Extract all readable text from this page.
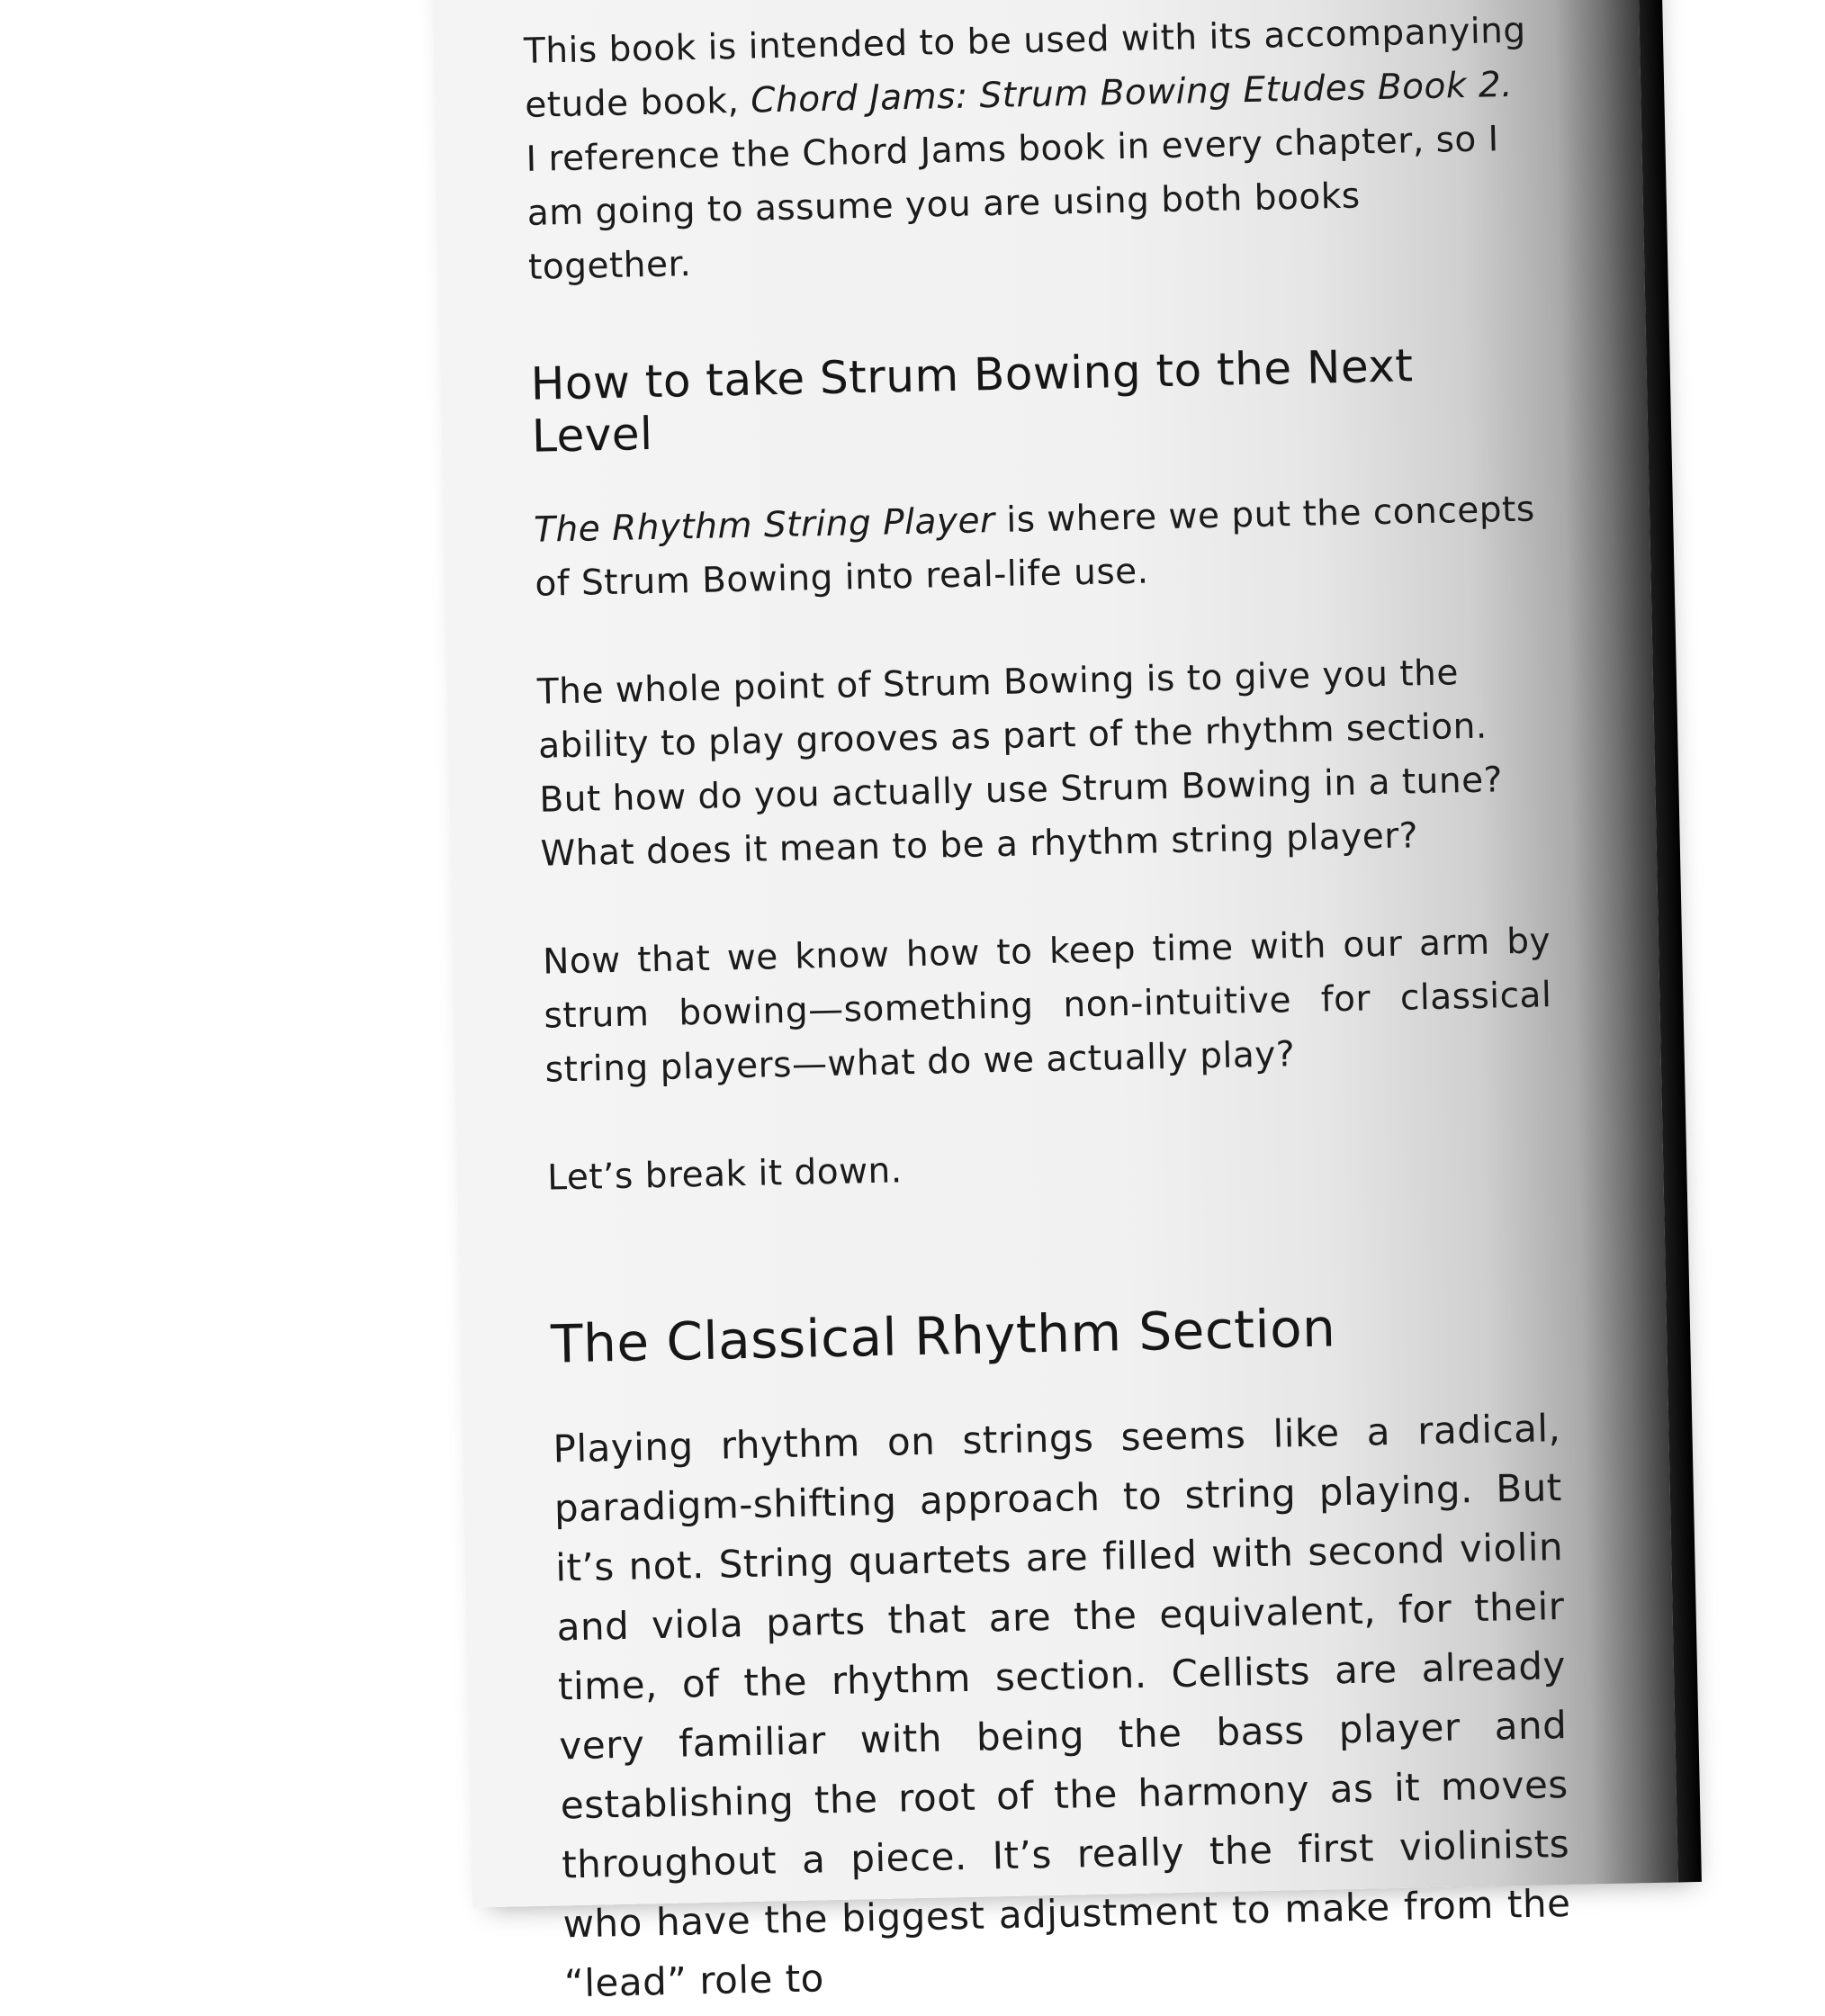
This book is intended to be used with its accompanying etude book, Chord Jams: Strum Bowing Etudes Book 2. I reference the Chord Jams book in every chapter, so I am going to assume you are using both books together.

How to take Strum Bowing to the Next Level

The Rhythm String Player is where we put the concepts of Strum Bowing into real-life use.

The whole point of Strum Bowing is to give you the ability to play grooves as part of the rhythm section. But how do you actually use Strum Bowing in a tune? What does it mean to be a rhythm string player?

Now that we know how to keep time with our arm by strum bowing—something non-intuitive for classical string players—what do we actually play?

Let’s break it down.

The Classical Rhythm Section

Playing rhythm on strings seems like a radical, paradigm-shifting approach to string playing. But it’s not. String quartets are filled with second violin and viola parts that are the equivalent, for their time, of the rhythm section. Cellists are already very familiar with being the bass player and establishing the root of the harmony as it moves throughout a piece. It’s really the first violinists who have the biggest adjustment to make from the “lead” role to
